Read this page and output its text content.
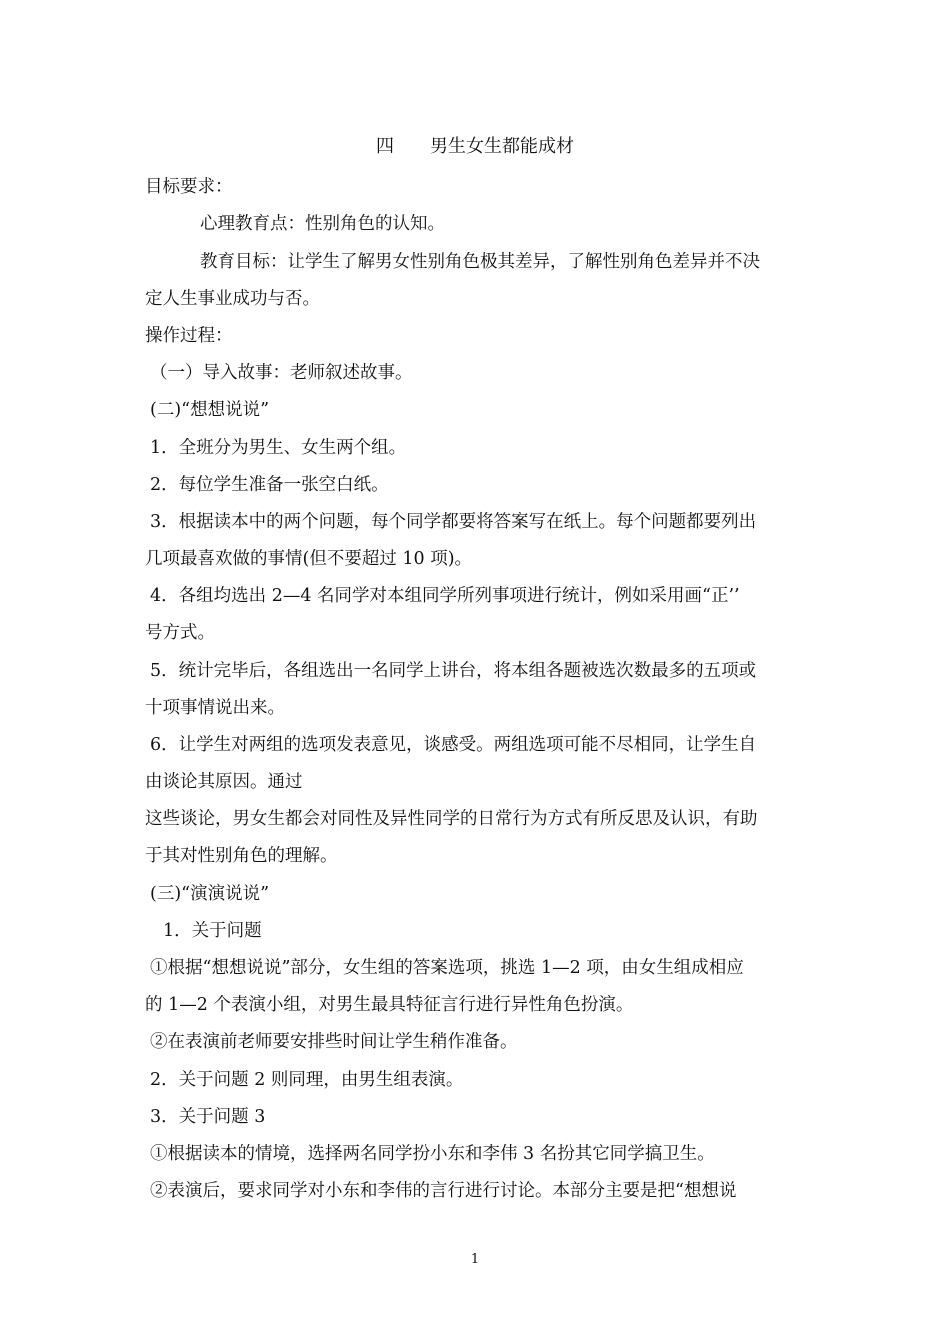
四　　男生女生都能成材
目标要求：
心理教育点：性别角色的认知。
教育目标：让学生了解男女性别角色极其差异，了解性别角色差异并不决
定人生事业成功与否。
操作过程：
（一）导入故事：老师叙述故事。
(二)“想想说说”
1．全班分为男生、女生两个组。
2．每位学生准备一张空白纸。
3．根据读本中的两个问题，每个同学都要将答案写在纸上。每个问题都要列出
几项最喜欢做的事情(但不要超过 10 项)。
4．各组均选出 2—4 名同学对本组同学所列事项进行统计，例如采用画“正’’
号方式。
5．统计完毕后，各组选出一名同学上讲台，将本组各题被选次数最多的五项或
十项事情说出来。
6．让学生对两组的选项发表意见，谈感受。两组选项可能不尽相同，让学生自
由谈论其原因。通过
这些谈论，男女生都会对同性及异性同学的日常行为方式有所反思及认识，有助
于其对性别角色的理解。
(三)“演演说说”
1．关于问题
①根据“想想说说”部分，女生组的答案选项，挑选 1—2 项，由女生组成相应
的 1—2 个表演小组，对男生最具特征言行进行异性角色扮演。
②在表演前老师要安排些时间让学生稍作准备。
2．关于问题 2 则同理，由男生组表演。
3．关于问题 3
①根据读本的情境，选择两名同学扮小东和李伟 3 名扮其它同学搞卫生。
②表演后，要求同学对小东和李伟的言行进行讨论。本部分主要是把“想想说
1
